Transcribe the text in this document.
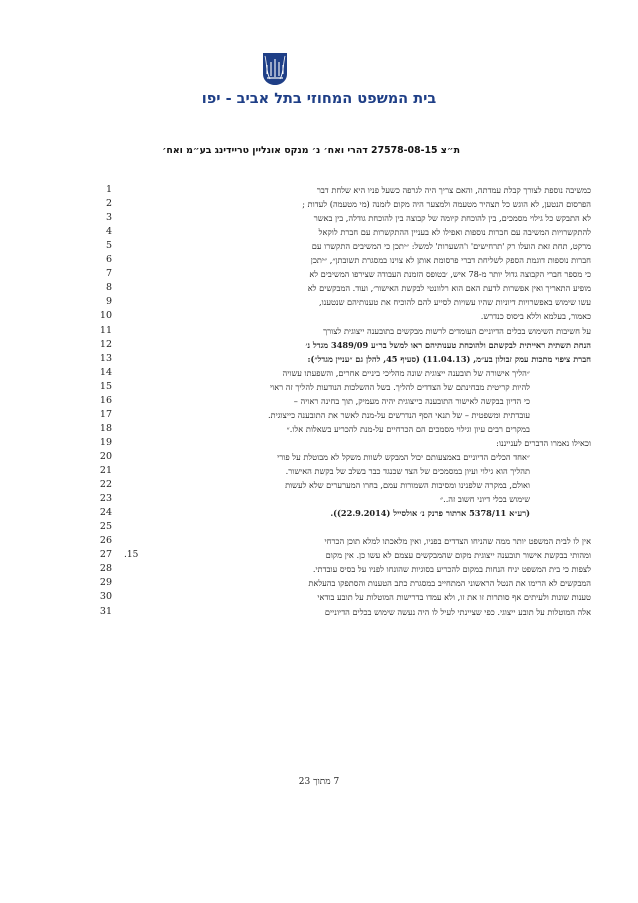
בית המשפט המחוזי בתל אביב - יפו
ת״צ 27578-08-15 דהרי ואח׳ נ׳ מנקס אונליין טריידינג בע״מ ואח׳
1	כמשיבה נוספת לצורך קבלת עמדתה, והאם צריך היה לגרפה כשעל פניו היא שלחת דבר
2	הפרסום הנטען, לא הוגש כל תצהיר מטעמה ולמצער היה מקום לזמנה (מי מטעמה) לעדות ;
3	לא התבקש כל גילוי מסמכים, בין להוכחת קיומה של קבוצה בין להוכחת גודלה, בין באשר
4	להתקשרויות המשיבה עם חברות נוספות ואפילו לא בעניין ההתקשרות עם חברת לוקאל
5	מרקט, תחת זאת הועלו רק 'תרחישים' ו'השערות' למשל: ״יתכן כי המשיבים התקשרו עם
6	חברות נוספות דוגמת הספק לשליחת דברי פרסומת אותן לא צוינו במסגרת תשובתן״, ״יתכן
7	כי מספר חברי הקבוצה גדול יותר מ-78 איש, ׳בטופס הזמנת העבודה שצירפו המשיבים לא
8	מופיע התאריך ואין אפשרות לדעת האם הוא רלוונטי לבקשת האישור׳, ועוד. המבקשים לא
9	עשו שימוש באפשרויות דיוניות שהיו עשויות לסייע להם להוכיח את טענותיהם שנטענו,
10	כאמור, בעלמא וללא ביסוס כנדרש.
11	על חשיבות השימוש בכלים הדיוניים העומדים לרשות מבקשים בתובענה ייצוגית לצורך
12	הנחת תשתית ראייתית לבקשתם ולהוכחת טענותיהם ראו למשל בר״ע 3489/09 מגדל נ׳
13	חברת ציפוי מתכות עמק זבולון בע״מ, (11.04.13) (סעיף 45, להלן גם ״עניין מגדל״):
14	״הליך אישורה של תובענה ייצוגית שונה מהליכי ביניים אחרים, והשפעתו עשויה
15	להיות קריטית מבחינתם של הצדדים להליך. בשל ההשלכות הנודעות להליך זה ראוי
16	כי הדיון בבקשה לאישור התובענה כייצוגית יהיה מעמיק, תוך בחינה ראויה –
17	עובדתית ומשפטית – של תנאי הסף הנדרשים על-מנת לאשר את התובענה כייצוגית.
18	במקרים רבים עיון וגילוי מסמכים הם הכרחיים על-מנת להכריע בשאלות אלו.״
19	וכאילו נאמרו הדברים לענייננו:
20	״אחד הכלים הדיוניים באמצעותם יכול המבקש לשוות משקל לא מבוטלת על פורי
21	תהליך הוא גילוי ועיון במסמכים של הצד שכנגד כבר בשלב של בקשת האישור.
22	ואולם, במקרה שלפנינו ומסיבות השמורות עמם, בחרו המערערים שלא לעשות
23	שימוש בכלי דיוני חשוב זה..״
24	(רע״א 5378/11 ארתור פרנק נ׳ אולסייל (22.9.2014)).
25
26	אין לו לבית המשפט יותר ממה שהניחו הצדדים בפניו, ואין מלאכתו למלא תוכן הכרחי
27	ומהותי בבקשת אישור תובענה ייצוגית מקום שהמבקשים עצמם לא עשו כן. אין מקום
28	לצפות כי בית המשפט יניח הנחות במקום להכריע בסוגיות שהונחו לפניו על בסיס עובדתי.
29	המבקשים לא הרימו את הנטל הראשוני המתחייב במסגרת כתב הטענות והסתפקו בהעלאת
30	טענות שונות ולעיתים אף סותרות זו את זו, ולא עמדו בדרישות המוטלות על תובע בודאי
31	אלה המוטלות על תובע ייצוגי. כפי שציינתי לעיל לו היה נעשה שימוש בכלים הדיוניים
15.
7 מתוך 23
